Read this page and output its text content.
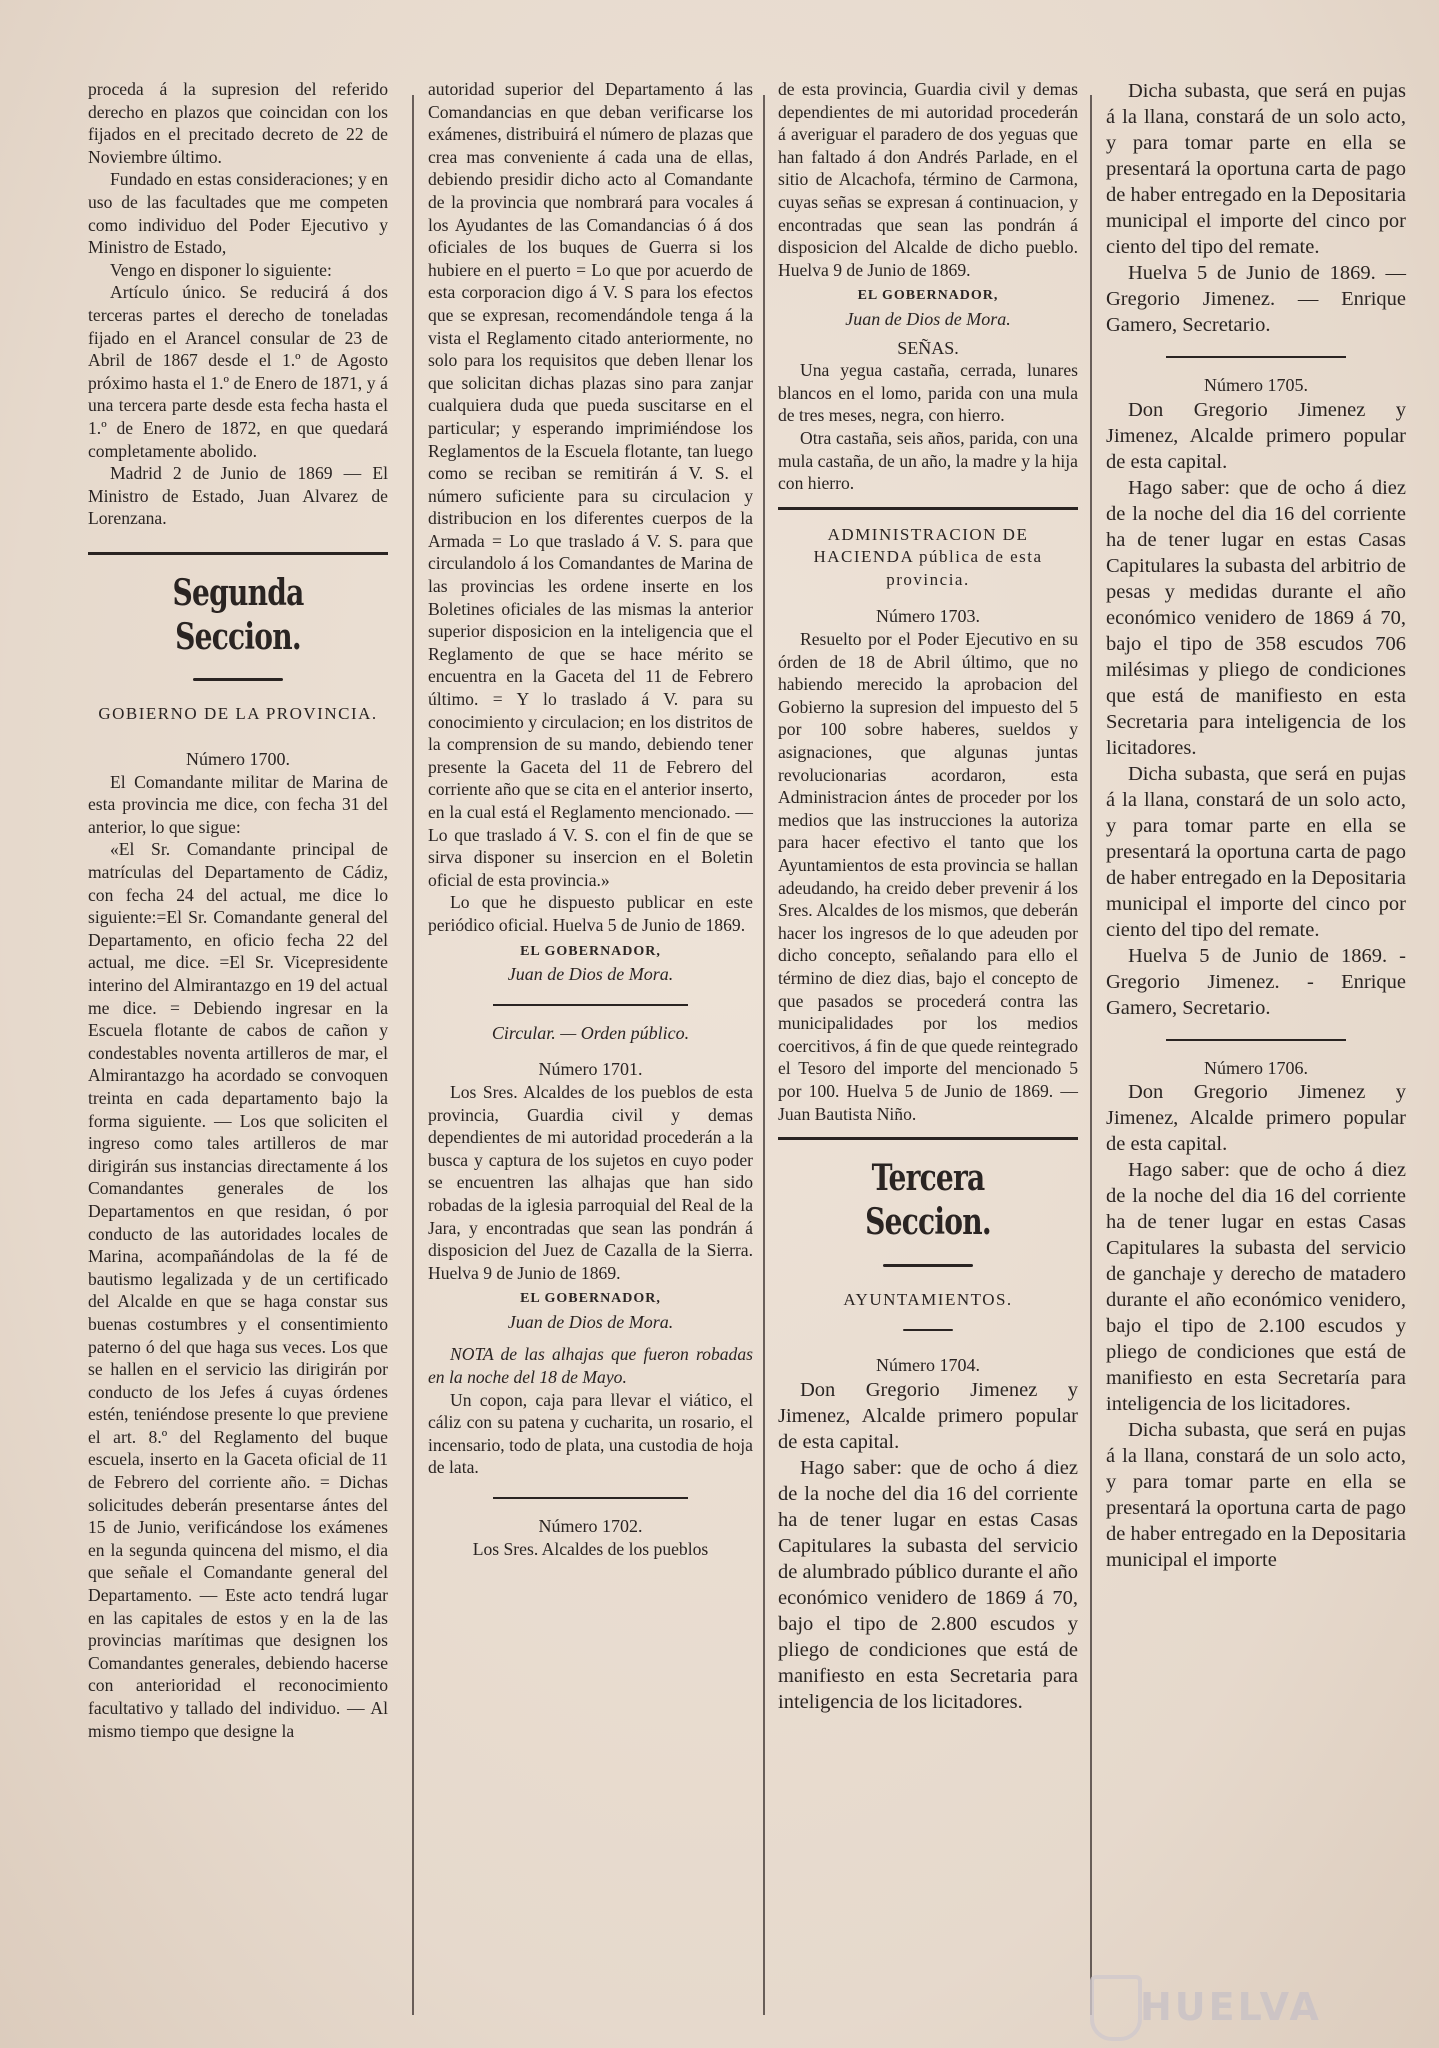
proceda á la supresion del referido derecho en plazos que coincidan con los fijados en el precitado decreto de 22 de Noviembre último.

Fundado en estas consideraciones; y en uso de las facultades que me competen como individuo del Poder Ejecutivo y Ministro de Estado,

Vengo en disponer lo siguiente:

Artículo único. Se reducirá á dos terceras partes el derecho de toneladas fijado en el Arancel consular de 23 de Abril de 1867 desde el 1.º de Agosto próximo hasta el 1.º de Enero de 1871, y á una tercera parte desde esta fecha hasta el 1.º de Enero de 1872, en que quedará completamente abolido.

Madrid 2 de Junio de 1869 — El Ministro de Estado, Juan Alvarez de Lorenzana.

Segunda Seccion.
GOBIERNO DE LA PROVINCIA.
Número 1700.

El Comandante militar de Marina de esta provincia me dice, con fecha 31 del anterior, lo que sigue:

«El Sr. Comandante principal de matrículas del Departamento de Cádiz, con fecha 24 del actual, me dice lo siguiente:=El Sr. Comandante general del Departamento, en oficio fecha 22 del actual, me dice. =El Sr. Vicepresidente interino del Almirantazgo en 19 del actual me dice. = Debiendo ingresar en la Escuela flotante de cabos de cañon y condestables noventa artilleros de mar, el Almirantazgo ha acordado se convoquen treinta en cada departamento bajo la forma siguiente. — Los que soliciten el ingreso como tales artilleros de mar dirigirán sus instancias directamente á los Comandantes generales de los Departamentos en que residan, ó por conducto de las autoridades locales de Marina, acompañándolas de la fé de bautismo legalizada y de un certificado del Alcalde en que se haga constar sus buenas costumbres y el consentimiento paterno ó del que haga sus veces. Los que se hallen en el servicio las dirigirán por conducto de los Jefes á cuyas órdenes estén, teniéndose presente lo que previene el art. 8.º del Reglamento del buque escuela, inserto en la Gaceta oficial de 11 de Febrero del corriente año. = Dichas solicitudes deberán presentarse ántes del 15 de Junio, verificándose los exámenes en la segunda quincena del mismo, el dia que señale el Comandante general del Departamento. — Este acto tendrá lugar en las capitales de estos y en la de las provincias marítimas que designen los Comandantes generales, debiendo hacerse con anterioridad el reconocimiento facultativo y tallado del individuo. — Al mismo tiempo que designe la

autoridad superior del Departamento á las Comandancias en que deban verificarse los exámenes, distribuirá el número de plazas que crea mas conveniente á cada una de ellas, debiendo presidir dicho acto al Comandante de la provincia que nombrará para vocales á los Ayudantes de las Comandancias ó á dos oficiales de los buques de Guerra si los hubiere en el puerto = Lo que por acuerdo de esta corporacion digo á V. S para los efectos que se expresan, recomendándole tenga á la vista el Reglamento citado anteriormente, no solo para los requisitos que deben llenar los que solicitan dichas plazas sino para zanjar cualquiera duda que pueda suscitarse en el particular; y esperando imprimiéndose los Reglamentos de la Escuela flotante, tan luego como se reciban se remitirán á V. S. el número suficiente para su circulacion y distribucion en los diferentes cuerpos de la Armada = Lo que traslado á V. S. para que circulandolo á los Comandantes de Marina de las provincias les ordene inserte en los Boletines oficiales de las mismas la anterior superior disposicion en la inteligencia que el Reglamento de que se hace mérito se encuentra en la Gaceta del 11 de Febrero último. = Y lo traslado á V. para su conocimiento y circulacion; en los distritos de la comprension de su mando, debiendo tener presente la Gaceta del 11 de Febrero del corriente año que se cita en el anterior inserto, en la cual está el Reglamento mencionado. — Lo que traslado á V. S. con el fin de que se sirva disponer su insercion en el Boletin oficial de esta provincia.»

Lo que he dispuesto publicar en este periódico oficial. Huelva 5 de Junio de 1869.

EL GOBERNADOR,
Juan de Dios de Mora.
Circular. — Orden público.
Número 1701.

Los Sres. Alcaldes de los pueblos de esta provincia, Guardia civil y demas dependientes de mi autoridad procederán a la busca y captura de los sujetos en cuyo poder se encuentren las alhajas que han sido robadas de la iglesia parroquial del Real de la Jara, y encontradas que sean las pondrán á disposicion del Juez de Cazalla de la Sierra. Huelva 9 de Junio de 1869.

EL GOBERNADOR,
Juan de Dios de Mora.

NOTA de las alhajas que fueron robadas en la noche del 18 de Mayo.

Un copon, caja para llevar el viático, el cáliz con su patena y cucharita, un rosario, el incensario, todo de plata, una custodia de hoja de lata.

Número 1702.

Los Sres. Alcaldes de los pueblos

de esta provincia, Guardia civil y demas dependientes de mi autoridad procederán á averiguar el paradero de dos yeguas que han faltado á don Andrés Parlade, en el sitio de Alcachofa, término de Carmona, cuyas señas se expresan á continuacion, y encontradas que sean las pondrán á disposicion del Alcalde de dicho pueblo. Huelva 9 de Junio de 1869.

EL GOBERNADOR,
Juan de Dios de Mora.
SEÑAS.

Una yegua castaña, cerrada, lunares blancos en el lomo, parida con una mula de tres meses, negra, con hierro.

Otra castaña, seis años, parida, con una mula castaña, de un año, la madre y la hija con hierro.

ADMINISTRACION DE HACIENDA pública de esta provincia.
Número 1703.

Resuelto por el Poder Ejecutivo en su órden de 18 de Abril último, que no habiendo merecido la aprobacion del Gobierno la supresion del impuesto del 5 por 100 sobre haberes, sueldos y asignaciones, que algunas juntas revolucionarias acordaron, esta Administracion ántes de proceder por los medios que las instrucciones la autoriza para hacer efectivo el tanto que los Ayuntamientos de esta provincia se hallan adeudando, ha creido deber prevenir á los Sres. Alcaldes de los mismos, que deberán hacer los ingresos de lo que adeuden por dicho concepto, señalando para ello el término de diez dias, bajo el concepto de que pasados se procederá contra las municipalidades por los medios coercitivos, á fin de que quede reintegrado el Tesoro del importe del mencionado 5 por 100. Huelva 5 de Junio de 1869. — Juan Bautista Niño.

Tercera Seccion.
AYUNTAMIENTOS.
Número 1704.

Don Gregorio Jimenez y Jimenez, Alcalde primero popular de esta capital.

Hago saber: que de ocho á diez de la noche del dia 16 del corriente ha de tener lugar en estas Casas Capitulares la subasta del servicio de alumbrado público durante el año económico venidero de 1869 á 70, bajo el tipo de 2.800 escudos y pliego de condiciones que está de manifiesto en esta Secretaria para inteligencia de los licitadores.

Dicha subasta, que será en pujas á la llana, constará de un solo acto, y para tomar parte en ella se presentará la oportuna carta de pago de haber entregado en la Depositaria municipal el importe del cinco por ciento del tipo del remate.

Huelva 5 de Junio de 1869. — Gregorio Jimenez. — Enrique Gamero, Secretario.

Número 1705.

Don Gregorio Jimenez y Jimenez, Alcalde primero popular de esta capital.

Hago saber: que de ocho á diez de la noche del dia 16 del corriente ha de tener lugar en estas Casas Capitulares la subasta del arbitrio de pesas y medidas durante el año económico venidero de 1869 á 70, bajo el tipo de 358 escudos 706 milésimas y pliego de condiciones que está de manifiesto en esta Secretaria para inteligencia de los licitadores.

Dicha subasta, que será en pujas á la llana, constará de un solo acto, y para tomar parte en ella se presentará la oportuna carta de pago de haber entregado en la Depositaria municipal el importe del cinco por ciento del tipo del remate.

Huelva 5 de Junio de 1869. - Gregorio Jimenez. - Enrique Gamero, Secretario.

Número 1706.

Don Gregorio Jimenez y Jimenez, Alcalde primero popular de esta capital.

Hago saber: que de ocho á diez de la noche del dia 16 del corriente ha de tener lugar en estas Casas Capitulares la subasta del servicio de ganchaje y derecho de matadero durante el año económico venidero, bajo el tipo de 2.100 escudos y pliego de condiciones que está de manifiesto en esta Secretaría para inteligencia de los licitadores.

Dicha subasta, que será en pujas á la llana, constará de un solo acto, y para tomar parte en ella se presentará la oportuna carta de pago de haber entregado en la Depositaria municipal el importe

HUELVA
